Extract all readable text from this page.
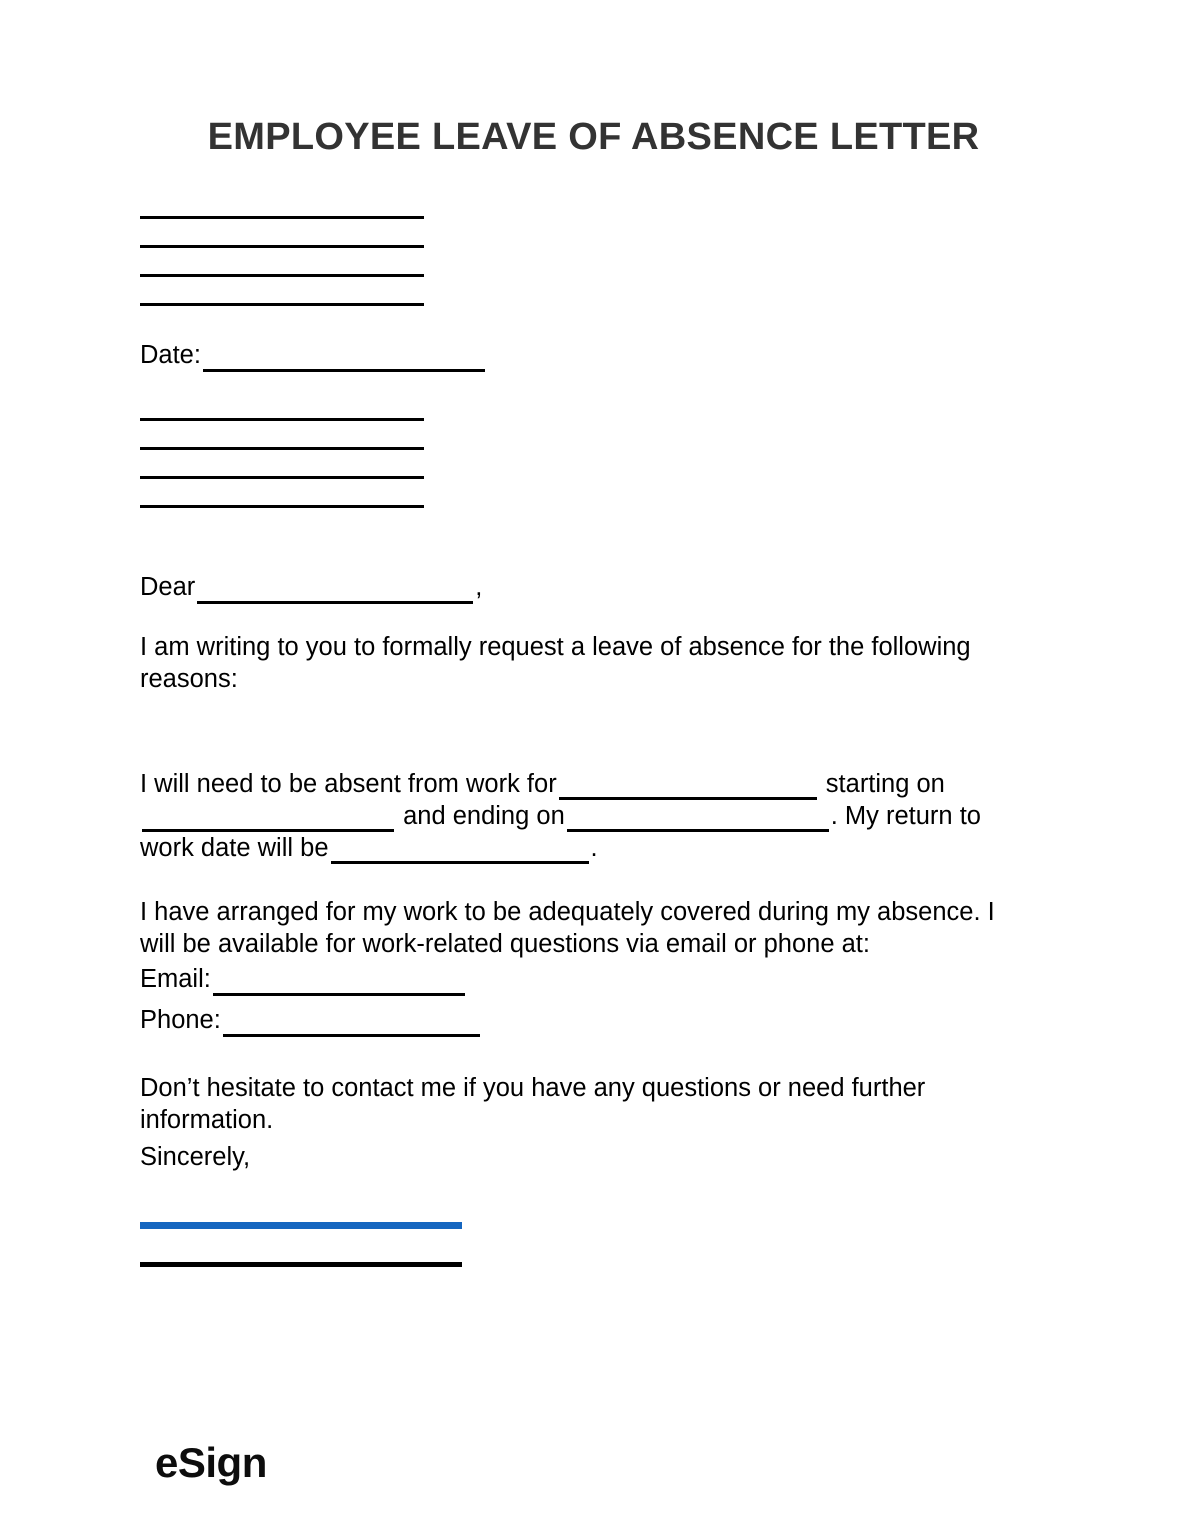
EMPLOYEE LEAVE OF ABSENCE LETTER
Date:
Dear	,
I am writing to you to formally request a leave of absence for the following reasons:
I will need to be absent from work for	starting on and ending on	. My return to work date will be	.
I have arranged for my work to be adequately covered during my absence. I will be available for work-related questions via email or phone at:
Email:
Phone:
Don’t hesitate to contact me if you have any questions or need further information.
Sincerely,
eSign
